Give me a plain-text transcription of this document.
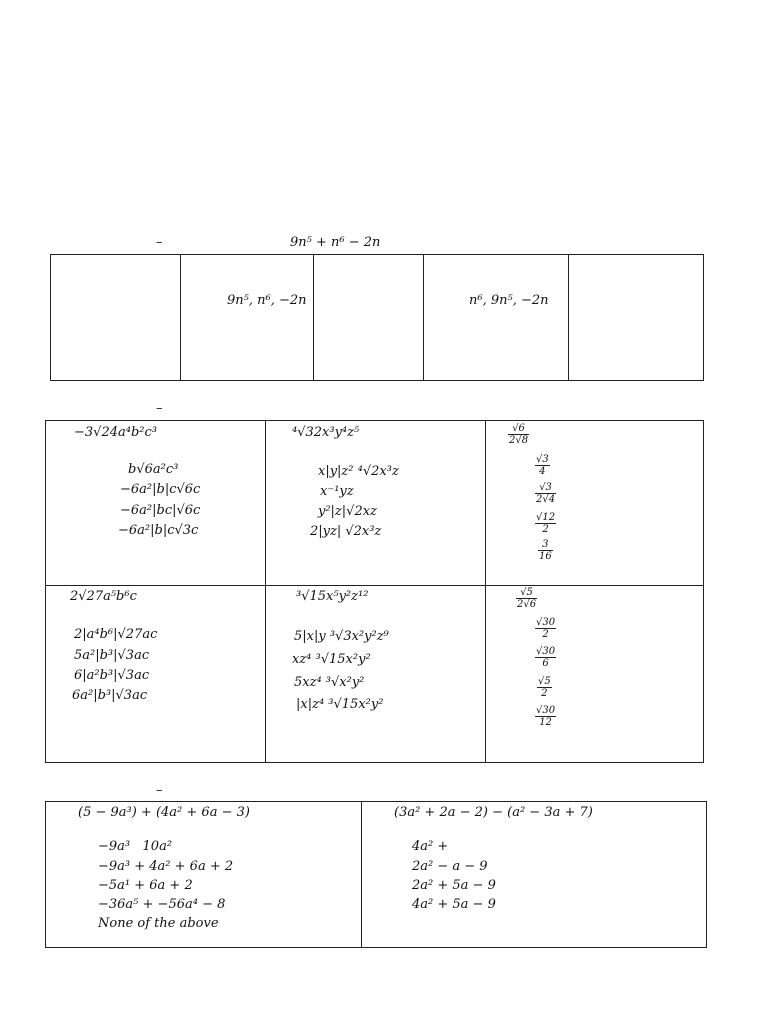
–	9n⁵ + n⁶ − 2n
9n⁵, n⁶, −2n	n⁶, 9n⁵, −2n
–
−3√24a⁴b²c³
b√6a²c³
−6a²|b|c√6c
−6a²|bc|√6c
−6a²|b|c√3c
⁴√32x³y⁴z⁵
x|y|z² ⁴√2x³z
x⁻¹yz
y²|z|√2xz
2|yz| √2x³z
√6
2√8
√3
4
√3
2√4
√12
2
3
16
2√27a⁵b⁶c
2|a⁴b⁶|√27ac
5a²|b³|√3ac
6|a²b³|√3ac
6a²|b³|√3ac
³√15x⁵y²z¹²
5|x|y ³√3x²y²z⁹
xz⁴ ³√15x²y²
5xz⁴ ³√x²y²
|x|z⁴ ³√15x²y²
√5
2√6
√30
2
√30
6
√5
2
√30
12
–
(5 − 9a³) + (4a² + 6a − 3)
−9a³   10a²
−9a³ + 4a² + 6a + 2
−5a¹ + 6a + 2
−36a⁵ + −56a⁴ − 8
None of the above
(3a² + 2a − 2) − (a² − 3a + 7)
4a² +
2a² − a − 9
2a² + 5a − 9
4a² + 5a − 9
